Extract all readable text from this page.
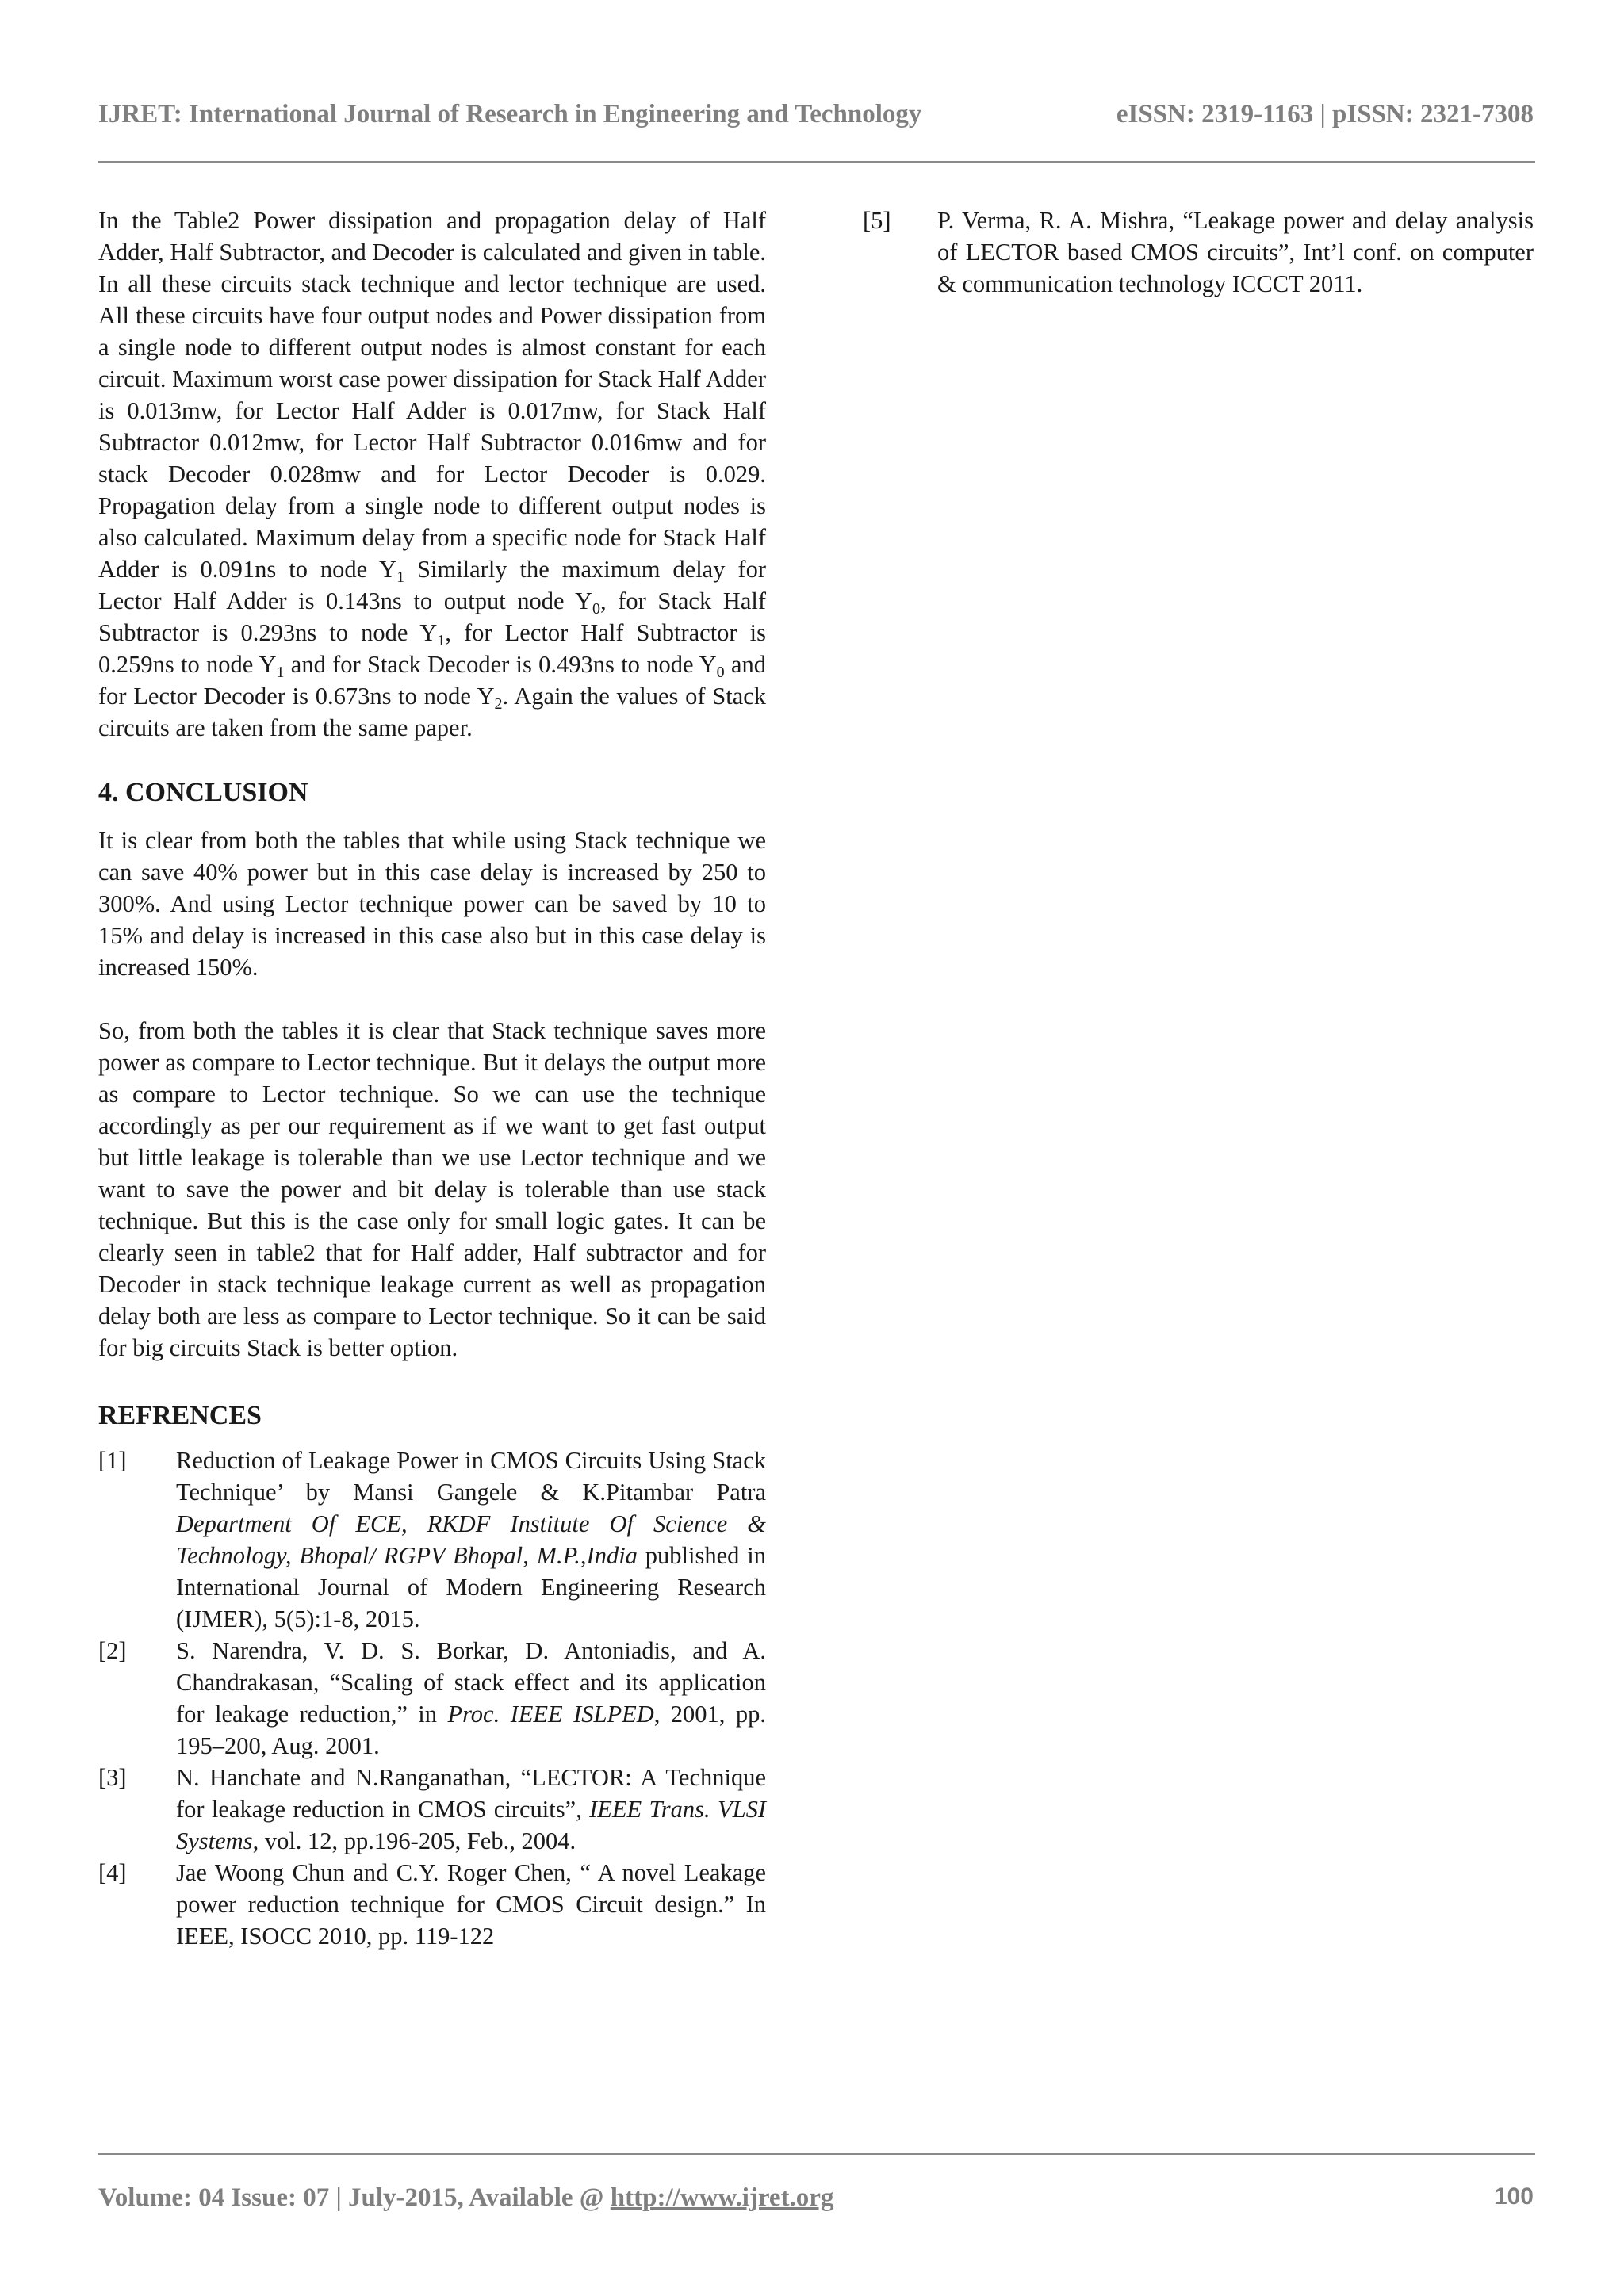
IJRET: International Journal of Research in Engineering and Technology	eISSN: 2319-1163 | pISSN: 2321-7308

In the Table2 Power dissipation and propagation delay of Half Adder, Half Subtractor, and Decoder is calculated and given in table. In all these circuits stack technique and lector technique are used. All these circuits have four output nodes and Power dissipation from a single node to different output nodes is almost constant for each circuit. Maximum worst case power dissipation for Stack Half Adder is 0.013mw, for Lector Half Adder is 0.017mw, for Stack Half Subtractor 0.012mw, for Lector Half Subtractor 0.016mw and for stack Decoder 0.028mw and for Lector Decoder is 0.029. Propagation delay from a single node to different output nodes is also calculated. Maximum delay from a specific node for Stack Half Adder is 0.091ns to node $Y_1$ Similarly the maximum delay for Lector Half Adder is 0.143ns to output node $Y_0$, for Stack Half Subtractor is 0.293ns to node $Y_1$, for Lector Half Subtractor is 0.259ns to node $Y_1$ and for Stack Decoder is 0.493ns to node $Y_0$ and for Lector Decoder is 0.673ns to node $Y_2$. Again the values of Stack circuits are taken from the same paper.

4. CONCLUSION

It is clear from both the tables that while using Stack technique we can save 40% power but in this case delay is increased by 250 to 300%. And using Lector technique power can be saved by 10 to 15% and delay is increased in this case also but in this case delay is increased 150%.

So, from both the tables it is clear that Stack technique saves more power as compare to Lector technique. But it delays the output more as compare to Lector technique. So we can use the technique accordingly as per our requirement as if we want to get fast output but little leakage is tolerable than we use Lector technique and we want to save the power and bit delay is tolerable than use stack technique. But this is the case only for small logic gates. It can be clearly seen in table2 that for Half adder, Half subtractor and for Decoder in stack technique leakage current as well as propagation delay both are less as compare to Lector technique. So it can be said for big circuits Stack is better option.

REFRENCES
[1]	Reduction of Leakage Power in CMOS Circuits Using Stack Technique’ by Mansi Gangele & K.Pitambar Patra Department Of ECE, RKDF Institute Of Science & Technology, Bhopal/ RGPV Bhopal, M.P.,India published in International Journal of Modern Engineering Research (IJMER), 5(5):1-8, 2015.
[2]	S. Narendra, V. D. S. Borkar, D. Antoniadis, and A. Chandrakasan, “Scaling of stack effect and its application for leakage reduction,” in Proc. IEEE ISLPED, 2001, pp. 195–200, Aug. 2001.
[3]	N. Hanchate and N.Ranganathan, “LECTOR: A Technique for leakage reduction in CMOS circuits”, IEEE Trans. VLSI Systems, vol. 12, pp.196-205, Feb., 2004.
[4]	Jae Woong Chun and C.Y. Roger Chen, “ A novel Leakage power reduction technique for CMOS Circuit design.” In IEEE, ISOCC 2010, pp. 119-122
[5]	P. Verma, R. A. Mishra, “Leakage power and delay analysis of LECTOR based CMOS circuits”, Int’l conf. on computer & communication technology ICCCT 2011.
Volume: 04 Issue: 07 | July-2015, Available @ http://www.ijret.org	100
